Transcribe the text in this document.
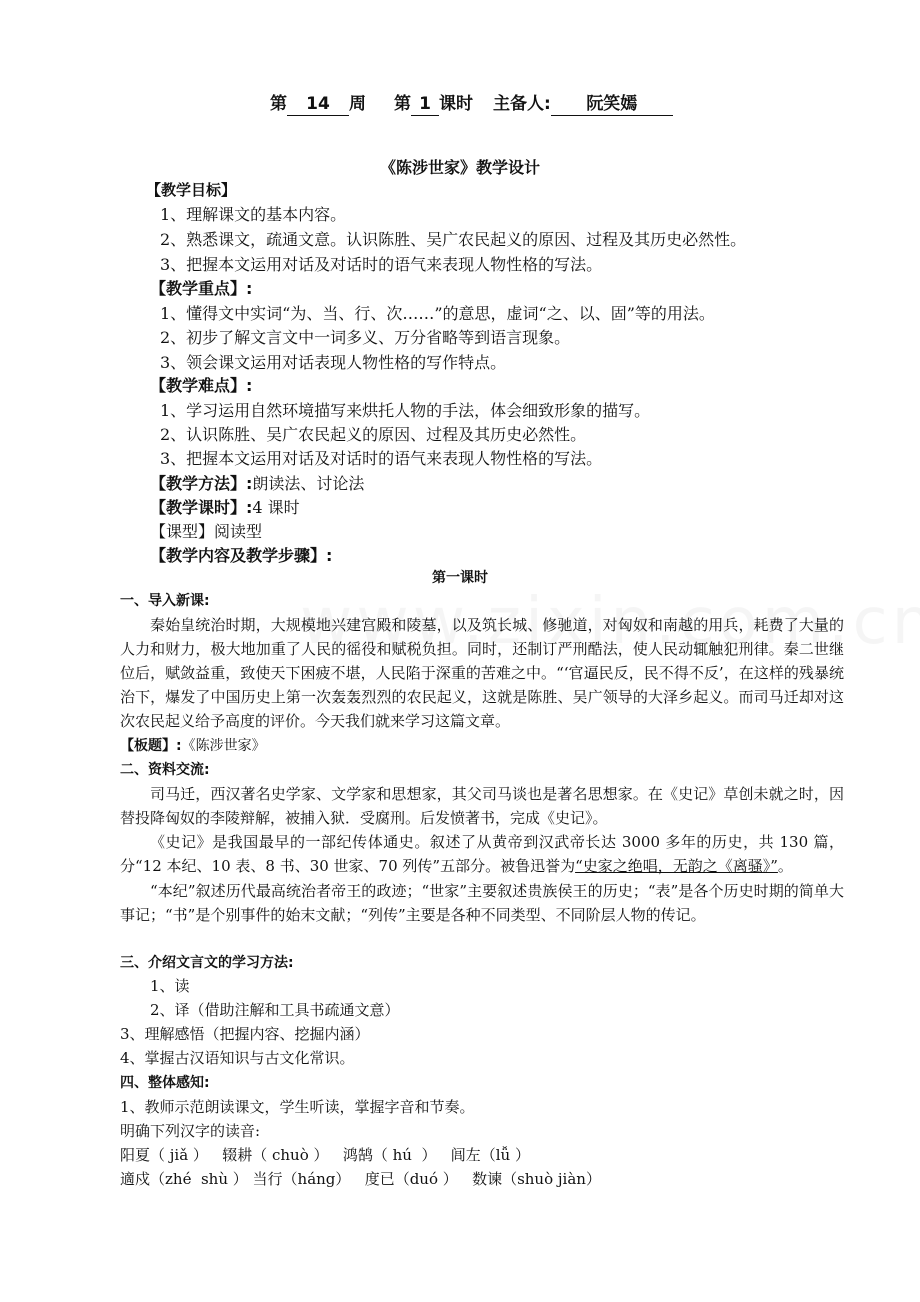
第 14 周 第 1 课时 主备人: 阮笑嫣
《陈涉世家》教学设计
【教学目标】
1、理解课文的基本内容。
2、熟悉课文，疏通文意。认识陈胜、吴广农民起义的原因、过程及其历史必然性。
3、把握本文运用对话及对话时的语气来表现人物性格的写法。
【教学重点】:
1、懂得文中实词“为、当、行、次……”的意思，虚词“之、以、固”等的用法。
2、初步了解文言文中一词多义、万分省略等到语言现象。
3、领会课文运用对话表现人物性格的写作特点。
【教学难点】:
1、学习运用自然环境描写来烘托人物的手法，体会细致形象的描写。
2、认识陈胜、吴广农民起义的原因、过程及其历史必然性。
3、把握本文运用对话及对话时的语气来表现人物性格的写法。
【教学方法】:朗读法、讨论法
【教学课时】:4 课时
【课型】阅读型
【教学内容及教学步骤】:
第一课时
一、导入新课:
秦始皇统治时期，大规模地兴建宫殿和陵墓，以及筑长城、修驰道，对匈奴和南越的用兵，耗费了大量的人力和财力，极大地加重了人民的徭役和赋税负担。同时，还制订严刑酷法，使人民动辄触犯刑律。秦二世继位后，赋敛益重，致使天下困疲不堪，人民陷于深重的苦难之中。“‘官逼民反，民不得不反’，在这样的残暴统治下，爆发了中国历史上第一次轰轰烈烈的农民起义，这就是陈胜、吴广领导的大泽乡起义。而司马迁却对这次农民起义给予高度的评价。今天我们就来学习这篇文章。
【板题】:《陈涉世家》
二、资料交流:
司马迁，西汉著名史学家、文学家和思想家，其父司马谈也是著名思想家。在《史记》草创未就之时，因替投降匈奴的李陵辩解，被捕入狱．受腐刑。后发愤著书，完成《史记》。
《史记》是我国最早的一部纪传体通史。叙述了从黄帝到汉武帝长达 3000 多年的历史，共 130 篇，分“12 本纪、10 表、8 书、30 世家、70 列传”五部分。被鲁迅誉为“史家之绝唱，无韵之《离骚》”。
“本纪”叙述历代最高统治者帝王的政迹；“世家”主要叙述贵族侯王的历史；“表”是各个历史时期的简单大事记；“书”是个别事件的始末文献；“列传”主要是各种不同类型、不同阶层人物的传记。
三、介绍文言文的学习方法:
1、读
2、译（借助注解和工具书疏通文意）
3、理解感悟（把握内容、挖掘内涵）
4、掌握古汉语知识与古文化常识。
四、整体感知:
1、教师示范朗读课文，学生听读，掌握字音和节奏。
明确下列汉字的读音:
阳夏（ jiǎ ）   辍耕（ chuò ）   鸿鹄（ hú  ）   闾左（lǚ ）
適戍（zhé  shù ） 当行（háng）   度已（duó ）   数谏（shuò jiàn）
